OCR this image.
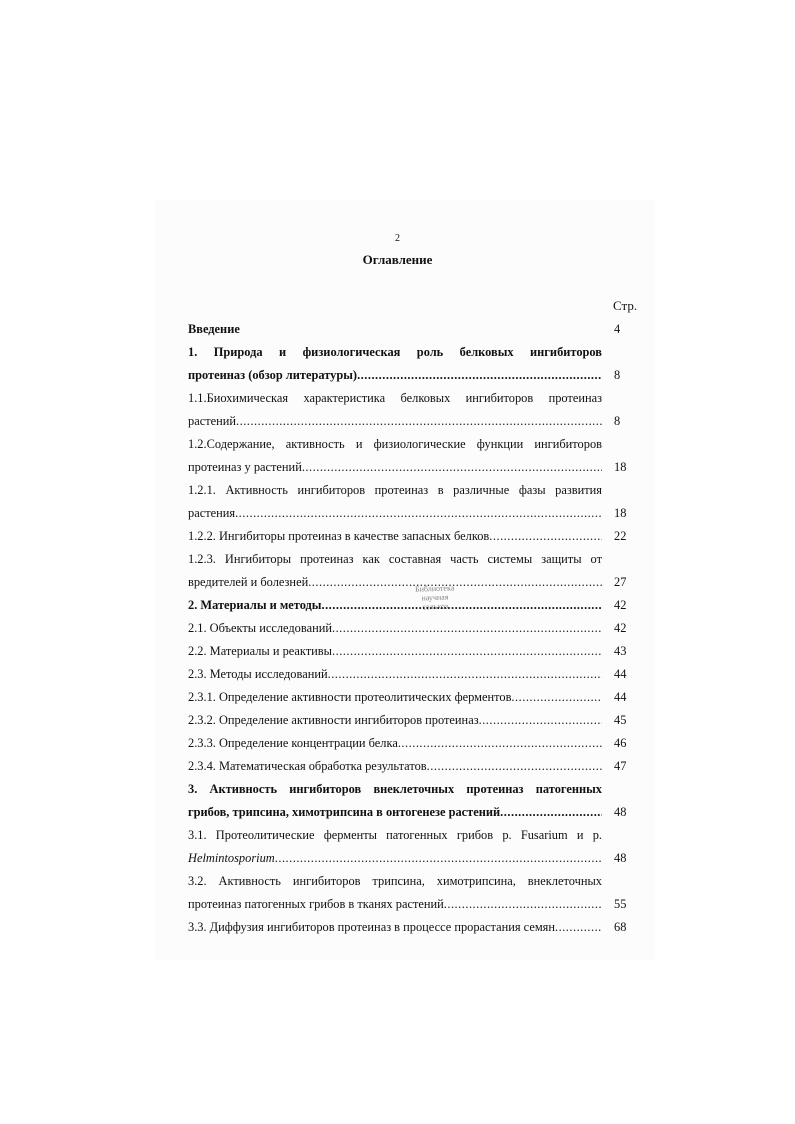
2
Оглавление
Стр.
Библиотека
научная
сельхоз
Введение	4
1. Природа и физиологическая роль белковых ингибиторов
протеиназ (обзор литературы) .....	8
1.1.Биохимическая характеристика белковых ингибиторов протеиназ
растений .....	8
1.2.Содержание, активность и физиологические функции ингибиторов
протеиназ у растений .....	18
1.2.1. Активность ингибиторов протеиназ в различные фазы развития
растения .....	18
1.2.2. Ингибиторы протеиназ в качестве запасных белков .....	22
1.2.3. Ингибиторы протеиназ как составная часть системы защиты от
вредителей и болезней .....	27
2. Материалы и методы .....	42
2.1. Объекты исследований .....	42
2.2. Материалы и реактивы .....	43
2.3. Методы исследований .....	44
2.3.1. Определение активности протеолитических ферментов .....	44
2.3.2. Определение активности ингибиторов протеиназ .....	45
2.3.3. Определение концентрации белка .....	46
2.3.4. Математическая обработка результатов .....	47
3. Активность ингибиторов внеклеточных протеиназ патогенных
грибов, трипсина, химотрипсина в онтогенезе растений .....	48
3.1. Протеолитические ферменты патогенных грибов р. Fusarium и р.
Helmintosporium .....	48
3.2. Активность ингибиторов трипсина, химотрипсина, внеклеточных
протеиназ патогенных грибов в тканях растений .....	55
3.3. Диффузия ингибиторов протеиназ в процессе прорастания семян .....	68
